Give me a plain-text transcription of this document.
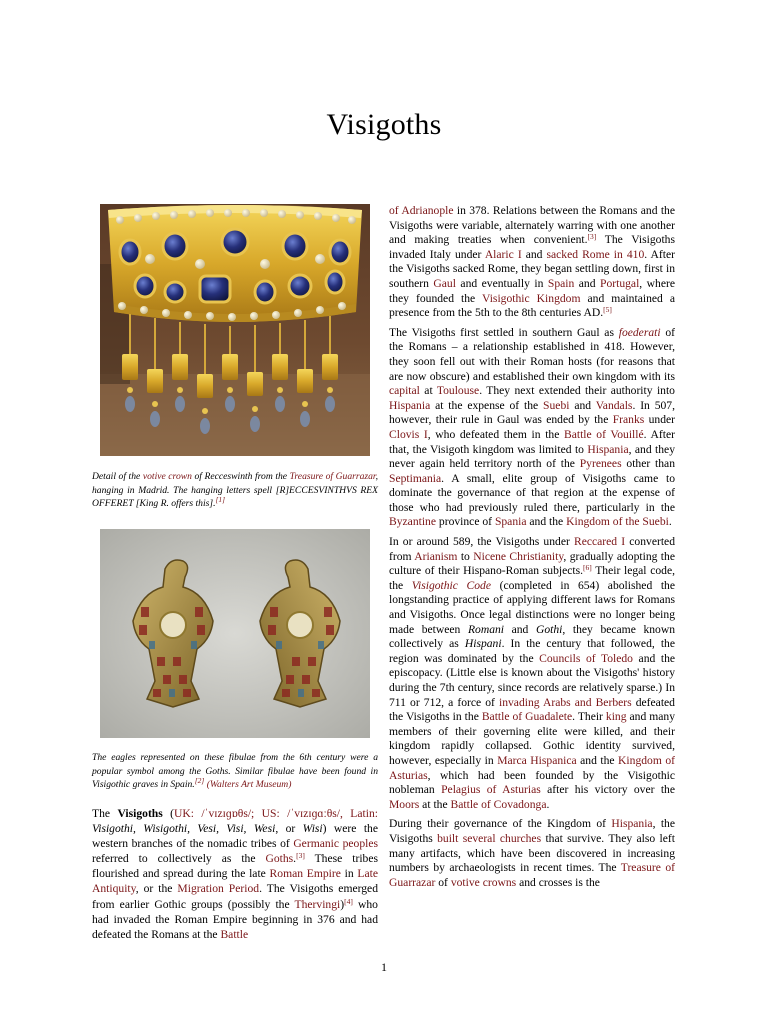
Visigoths

Detail of the votive crown of Recceswinth from the Treasure of Guarrazar, hanging in Madrid. The hanging letters spell [R]ECCESVINTHVS REX OFFERET [King R. offers this].[1]

The eagles represented on these fibulae from the 6th century were a popular symbol among the Goths. Similar fibulae have been found in Visigothic graves in Spain.[2] (Walters Art Museum)

The Visigoths (UK: /ˈvɪzɪɡɒθs/; US: /ˈvɪzɪɡɑːθs/, Latin: Visigothi, Wisigothi, Vesi, Visi, Wesi, or Wisi) were the western branches of the nomadic tribes of Germanic peoples referred to collectively as the Goths.[3] These tribes flourished and spread during the late Roman Empire in Late Antiquity, or the Migration Period. The Visigoths emerged from earlier Gothic groups (possibly the Thervingi)[4] who had invaded the Roman Empire beginning in 376 and had defeated the Romans at the Battle

of Adrianople in 378. Relations between the Romans and the Visigoths were variable, alternately warring with one another and making treaties when convenient.[3] The Visigoths invaded Italy under Alaric I and sacked Rome in 410. After the Visigoths sacked Rome, they began settling down, first in southern Gaul and eventually in Spain and Portugal, where they founded the Visigothic Kingdom and maintained a presence from the 5th to the 8th centuries AD.[5]

The Visigoths first settled in southern Gaul as foederati of the Romans – a relationship established in 418. However, they soon fell out with their Roman hosts (for reasons that are now obscure) and established their own kingdom with its capital at Toulouse. They next extended their authority into Hispania at the expense of the Suebi and Vandals. In 507, however, their rule in Gaul was ended by the Franks under Clovis I, who defeated them in the Battle of Vouillé. After that, the Visigoth kingdom was limited to Hispania, and they never again held territory north of the Pyrenees other than Septimania. A small, elite group of Visigoths came to dominate the governance of that region at the expense of those who had previously ruled there, particularly in the Byzantine province of Spania and the Kingdom of the Suebi.

In or around 589, the Visigoths under Reccared I converted from Arianism to Nicene Christianity, gradually adopting the culture of their Hispano-Roman subjects.[6] Their legal code, the Visigothic Code (completed in 654) abolished the longstanding practice of applying different laws for Romans and Visigoths. Once legal distinctions were no longer being made between Romani and Gothi, they became known collectively as Hispani. In the century that followed, the region was dominated by the Councils of Toledo and the episcopacy. (Little else is known about the Visigoths' history during the 7th century, since records are relatively sparse.) In 711 or 712, a force of invading Arabs and Berbers defeated the Visigoths in the Battle of Guadalete. Their king and many members of their governing elite were killed, and their kingdom rapidly collapsed. Gothic identity survived, however, especially in Marca Hispanica and the Kingdom of Asturias, which had been founded by the Visigothic nobleman Pelagius of Asturias after his victory over the Moors at the Battle of Covadonga.

During their governance of the Kingdom of Hispania, the Visigoths built several churches that survive. They also left many artifacts, which have been discovered in increasing numbers by archaeologists in recent times. The Treasure of Guarrazar of votive crowns and crosses is the

1
